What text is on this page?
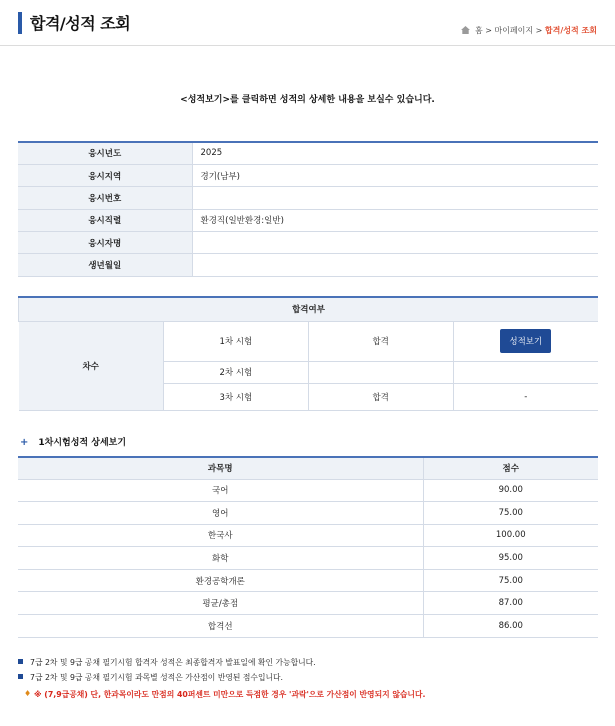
합격/성적 조회	홈 > 마이페이지 > 합격/성적 조회
<성적보기>를 클릭하면 성적의 상세한 내용을 보실수 있습니다.
응시년도	2025
응시지역	경기(남부)
응시번호	
응시직렬	환경직(일반환경:일반)
응시자명	
생년월일	
합격여부			
차수	1차 시험	합격	성적보기
	2차 시험		
	3차 시험	합격	-
+ 1차시험성적 상세보기
과목명	점수
국어	90.00
영어	75.00
한국사	100.00
화학	95.00
환경공학개론	75.00
평균/총점	87.00
합격선	86.00
7급 2차 및 9급 공채 필기시험 합격자 성적은 최종합격자 발표일에 확인 가능합니다.
7급 2차 및 9급 공채 필기시험 과목별 성적은 가산점이 반영된 점수입니다.
♦ ※ (7,9급공채) 단, 한과목이라도 만점의 40퍼센트 미만으로 득점한 경우 '과락'으로 가산점이 반영되지 않습니다.
